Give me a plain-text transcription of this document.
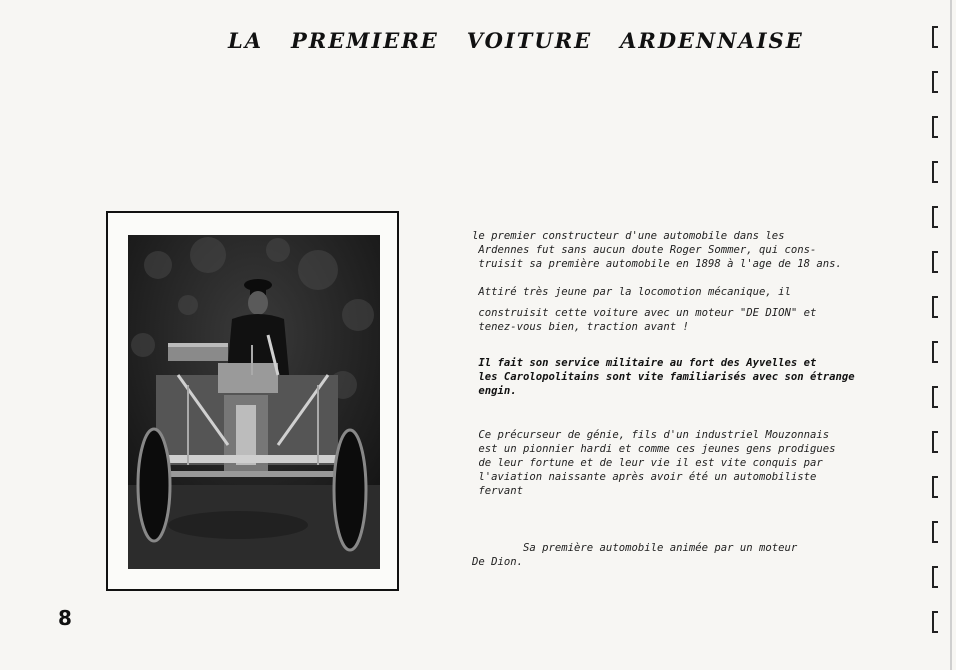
LA   PREMIERE   VOITURE   ARDENNAISE
le premier constructeur d'une automobile dans les
Ardennes fut sans aucun doute Roger Sommer, qui cons-
truisit sa première automobile en 1898 à l'age de 18 ans.
Attiré très jeune par la locomotion mécanique, il
construisit cette voiture avec un moteur "DE DION" et
tenez-vous bien, traction avant !
Il fait son service militaire au fort des Ayvelles et
les Carolopolitains sont vite familiarisés avec son étrange
engin.
Ce précurseur de génie, fils d'un industriel Mouzonnais
est un pionnier hardi et comme ces jeunes gens prodigues
de leur fortune et de leur vie il est vite conquis par
l'aviation naissante après avoir été un automobiliste
fervant
Sa première automobile animée par un moteur
De Dion.
8
